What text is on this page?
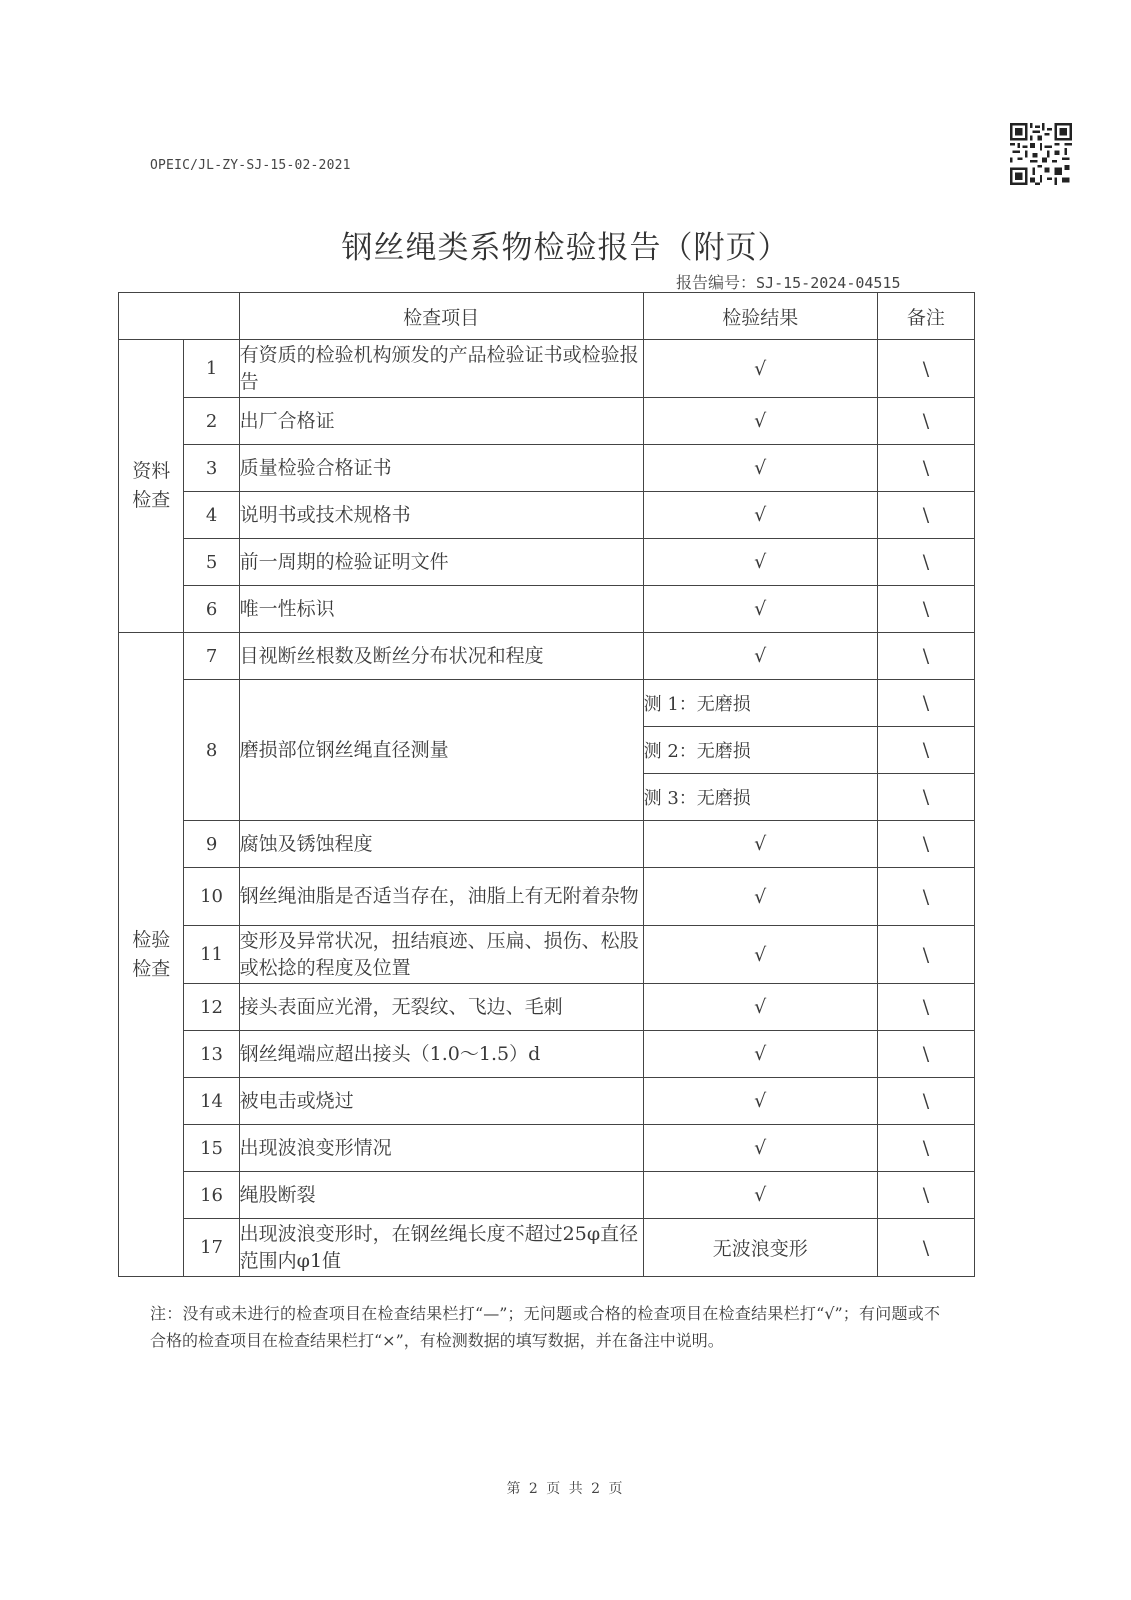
OPEIC/JL-ZY-SJ-15-02-2021
钢丝绳类系物检验报告（附页）
报告编号：SJ-15-2024-04515
		检查项目	检验结果	备注
资料
检查	1	有资质的检验机构颁发的产品检验证书或检验报告	√	\
	2	出厂合格证	√	\
	3	质量检验合格证书	√	\
	4	说明书或技术规格书	√	\
	5	前一周期的检验证明文件	√	\
	6	唯一性标识	√	\
检验
检查	7	目视断丝根数及断丝分布状况和程度	√	\
	8	磨损部位钢丝绳直径测量	测 1：无磨损	\
			测 2：无磨损	\
			测 3：无磨损	\
	9	腐蚀及锈蚀程度	√	\
	10	钢丝绳油脂是否适当存在，油脂上有无附着杂物	√	\
	11	变形及异常状况，扭结痕迹、压扁、损伤、松股或松捻的程度及位置	√	\
	12	接头表面应光滑，无裂纹、飞边、毛刺	√	\
	13	钢丝绳端应超出接头（1.0～1.5）d	√	\
	14	被电击或烧过	√	\
	15	出现波浪变形情况	√	\
	16	绳股断裂	√	\
	17	出现波浪变形时，在钢丝绳长度不超过25φ直径范围内φ1值	无波浪变形	\
注：没有或未进行的检查项目在检查结果栏打“—”；无问题或合格的检查项目在检查结果栏打“√”；有问题或不合格的检查项目在检查结果栏打“×”，有检测数据的填写数据，并在备注中说明。
第 2 页 共 2 页
